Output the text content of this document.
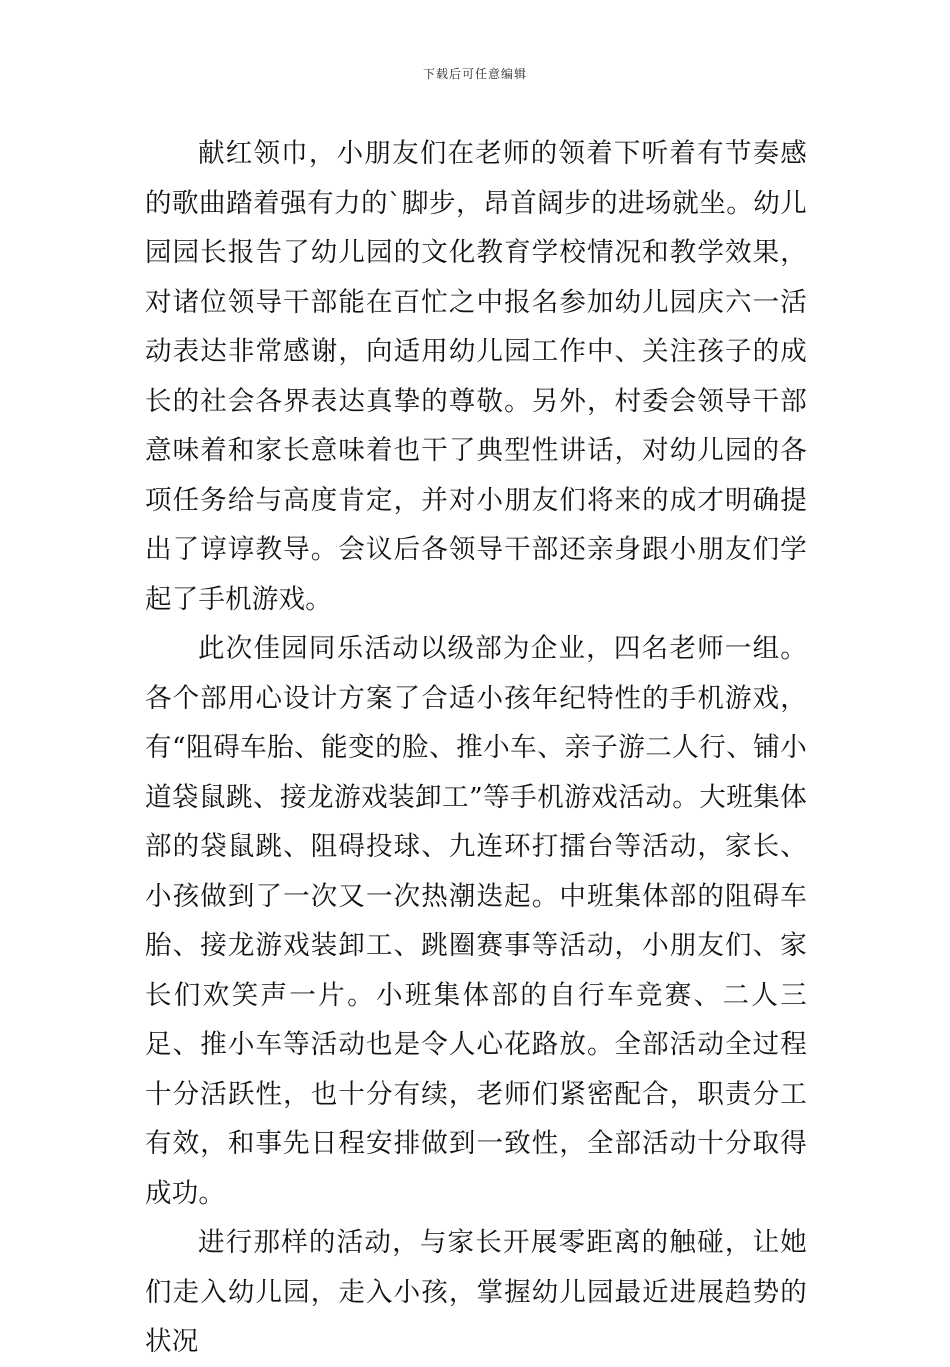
下载后可任意编辑

献红领巾，小朋友们在老师的领着下听着有节奏感的歌曲踏着强有力的`脚步，昂首阔步的进场就坐。幼儿园园长报告了幼儿园的文化教育学校情况和教学效果，对诸位领导干部能在百忙之中报名参加幼儿园庆六一活动表达非常感谢，向适用幼儿园工作中、关注孩子的成长的社会各界表达真挚的尊敬。另外，村委会领导干部意味着和家长意味着也干了典型性讲话，对幼儿园的各项任务给与高度肯定，并对小朋友们将来的成才明确提出了谆谆教导。会议后各领导干部还亲身跟小朋友们学起了手机游戏。

此次佳园同乐活动以级部为企业，四名老师一组。各个部用心设计方案了合适小孩年纪特性的手机游戏，有“阻碍车胎、能变的脸、推小车、亲子游二人行、铺小道袋鼠跳、接龙游戏装卸工”等手机游戏活动。大班集体部的袋鼠跳、阻碍投球、九连环打擂台等活动，家长、小孩做到了一次又一次热潮迭起。中班集体部的阻碍车胎、接龙游戏装卸工、跳圈赛事等活动，小朋友们、家长们欢笑声一片。小班集体部的自行车竞赛、二人三足、推小车等活动也是令人心花路放。全部活动全过程十分活跃性，也十分有续，老师们紧密配合，职责分工有效，和事先日程安排做到一致性，全部活动十分取得成功。

进行那样的活动，与家长开展零距离的触碰，让她们走入幼儿园，走入小孩，掌握幼儿园最近进展趋势的状况
